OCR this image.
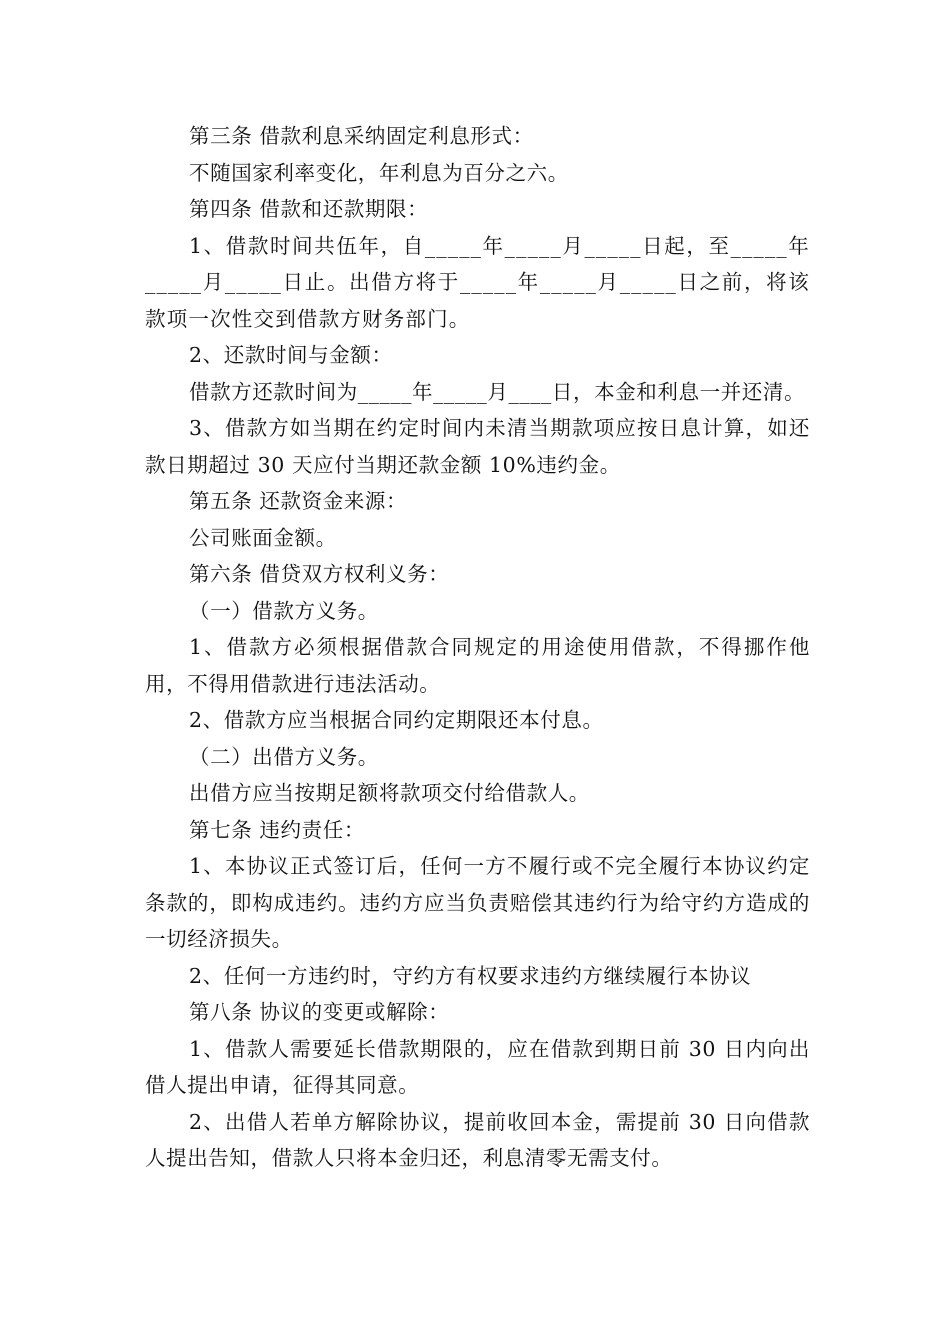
第三条 借款利息采纳固定利息形式：

不随国家利率变化，年利息为百分之六。

第四条 借款和还款期限：

1、借款时间共伍年，自_____年_____月_____日起，至_____年_____月_____日止。出借方将于_____年_____月_____日之前，将该款项一次性交到借款方财务部门。

2、还款时间与金额：

借款方还款时间为_____年_____月____日，本金和利息一并还清。

3、借款方如当期在约定时间内未清当期款项应按日息计算，如还款日期超过 30 天应付当期还款金额 10%违约金。

第五条 还款资金来源：

公司账面金额。

第六条 借贷双方权利义务：

（一）借款方义务。

1、借款方必须根据借款合同规定的用途使用借款，不得挪作他用，不得用借款进行违法活动。

2、借款方应当根据合同约定期限还本付息。

（二）出借方义务。

出借方应当按期足额将款项交付给借款人。

第七条 违约责任：

1、本协议正式签订后，任何一方不履行或不完全履行本协议约定条款的，即构成违约。违约方应当负责赔偿其违约行为给守约方造成的一切经济损失。

2、任何一方违约时，守约方有权要求违约方继续履行本协议

第八条 协议的变更或解除：

1、借款人需要延长借款期限的，应在借款到期日前 30 日内向出借人提出申请，征得其同意。

2、出借人若单方解除协议，提前收回本金，需提前 30 日向借款人提出告知，借款人只将本金归还，利息清零无需支付。
